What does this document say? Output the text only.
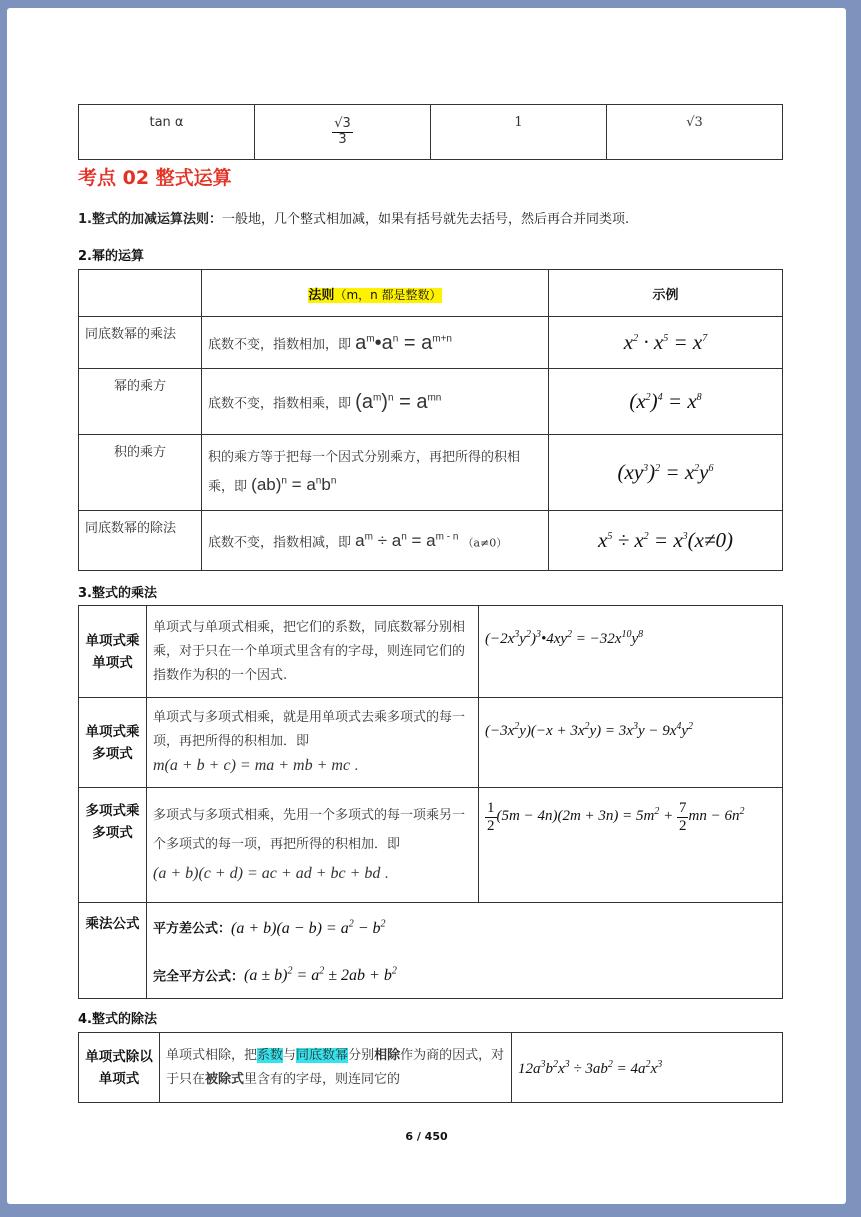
tan α	$\frac{√3}{3}$	1	√3
考点 02 整式运算
1.整式的加减运算法则：一般地，几个整式相加减，如果有括号就先去括号，然后再合并同类项.
2.幂的运算
	法则（m，n 都是整数）	示例
同底数幂的乘法	底数不变，指数相加，即 $a^m•a^n = a^{m+n}$	$x^2 \cdot x^5 = x^7$
幂的乘方	底数不变，指数相乘，即 $(a^m)^n = a^{mn}$	$(x^2)^4 = x^8$
积的乘方	积的乘方等于把每一个因式分别乘方，再把所得的积相乘，即 $(ab)^n = a^nb^n$	$(xy^3)^2 = x^2y^6$
同底数幂的除法	底数不变，指数相减，即 $a^m \div a^n = a^{m - n}$ （a≠0）	$x^5 \div x^2 = x^3(x\ne 0)$
3.整式的乘法
单项式乘单项式	单项式与单项式相乘，把它们的系数，同底数幂分别相乘，对于只在一个单项式里含有的字母，则连同它们的指数作为积的一个因式.	$(-2x^3y^2)^3•4xy^2 = -32x^{10}y^8$
单项式乘多项式	单项式与多项式相乘，就是用单项式去乘多项式的每一项，再把所得的积相加．即 m(a + b + c) = ma + mb + mc .	$(-3x^2y)(-x + 3x^2y) = 3x^3y - 9x^4y^2$
多项式乘多项式	多项式与多项式相乘，先用一个多项式的每一项乘另一个多项式的每一项，再把所得的积相加．即 (a + b)(c + d) = ac + ad + bc + bd .	$\frac{1}{2}(5m - 4n)(2m + 3n) = 5m^2 + \frac{7}{2}mn - 6n^2$
乘法公式	平方差公式：$(a + b)(a - b) = a^2 - b^2$
完全平方公式：$(a \pm b)^2 = a^2 \pm 2ab + b^2$
4.整式的除法
单项式除以单项式	单项式相除，把系数与同底数幂分别相除作为商的因式，对于只在被除式里含有的字母，则连同它的	$12a^3b^2x^3 \div 3ab^2 = 4a^2x^3$
6 / 450
